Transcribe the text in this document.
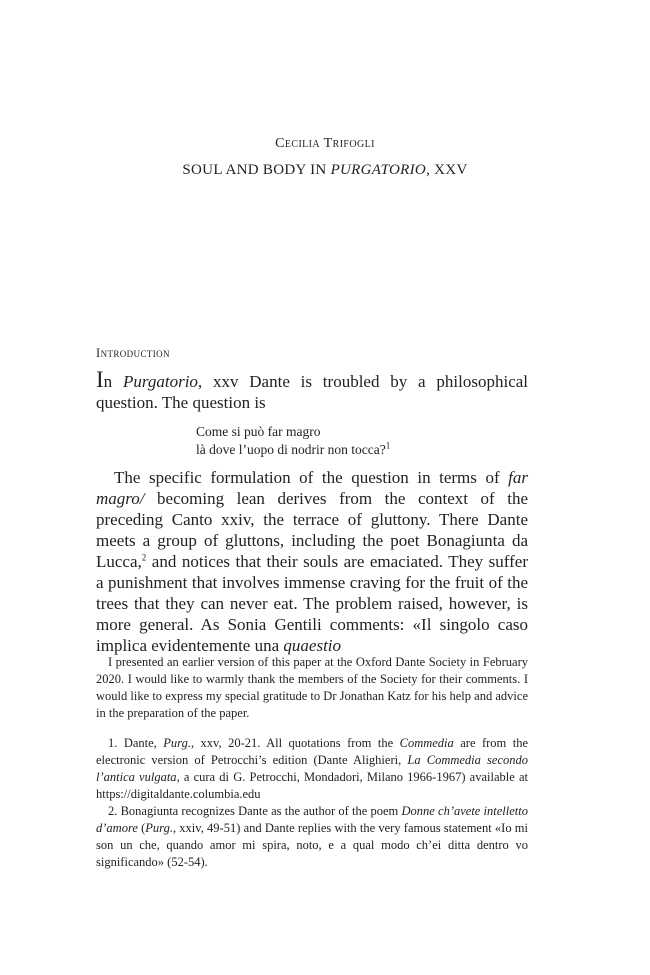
Cecilia Trifogli
SOUL AND BODY IN PURGATORIO, XXV
Introduction

In Purgatorio, xxv Dante is troubled by a philosophical question. The question is

Come si può far magro
là dove l’uopo di nodrir non tocca?$^1$

The specific formulation of the question in terms of far magro/ becoming lean derives from the context of the preceding Canto xxiv, the terrace of gluttony. There Dante meets a group of gluttons, including the poet Bonagiunta da Lucca,$^2$ and notices that their souls are emaciated. They suffer a punishment that involves immense craving for the fruit of the trees that they can never eat. The problem raised, however, is more general. As Sonia Gentili comments: «Il singolo caso implica evidentemente una quaestio

I presented an earlier version of this paper at the Oxford Dante Society in February 2020. I would like to warmly thank the members of the Society for their comments. I would like to express my special gratitude to Dr Jonathan Katz for his help and advice in the preparation of the paper.

1. Dante, Purg., xxv, 20-21. All quotations from the Commedia are from the electronic version of Petrocchi’s edition (Dante Alighieri, La Commedia secondo l’antica vulgata, a cura di G. Petrocchi, Mondadori, Milano 1966-1967) available at https://digitaldante.columbia.edu

2. Bonagiunta recognizes Dante as the author of the poem Donne ch’avete intelletto d’amore (Purg., xxiv, 49-51) and Dante replies with the very famous statement «Io mi son un che, quando amor mi spira, noto, e a qual modo ch’ei ditta dentro vo significando» (52-54).
